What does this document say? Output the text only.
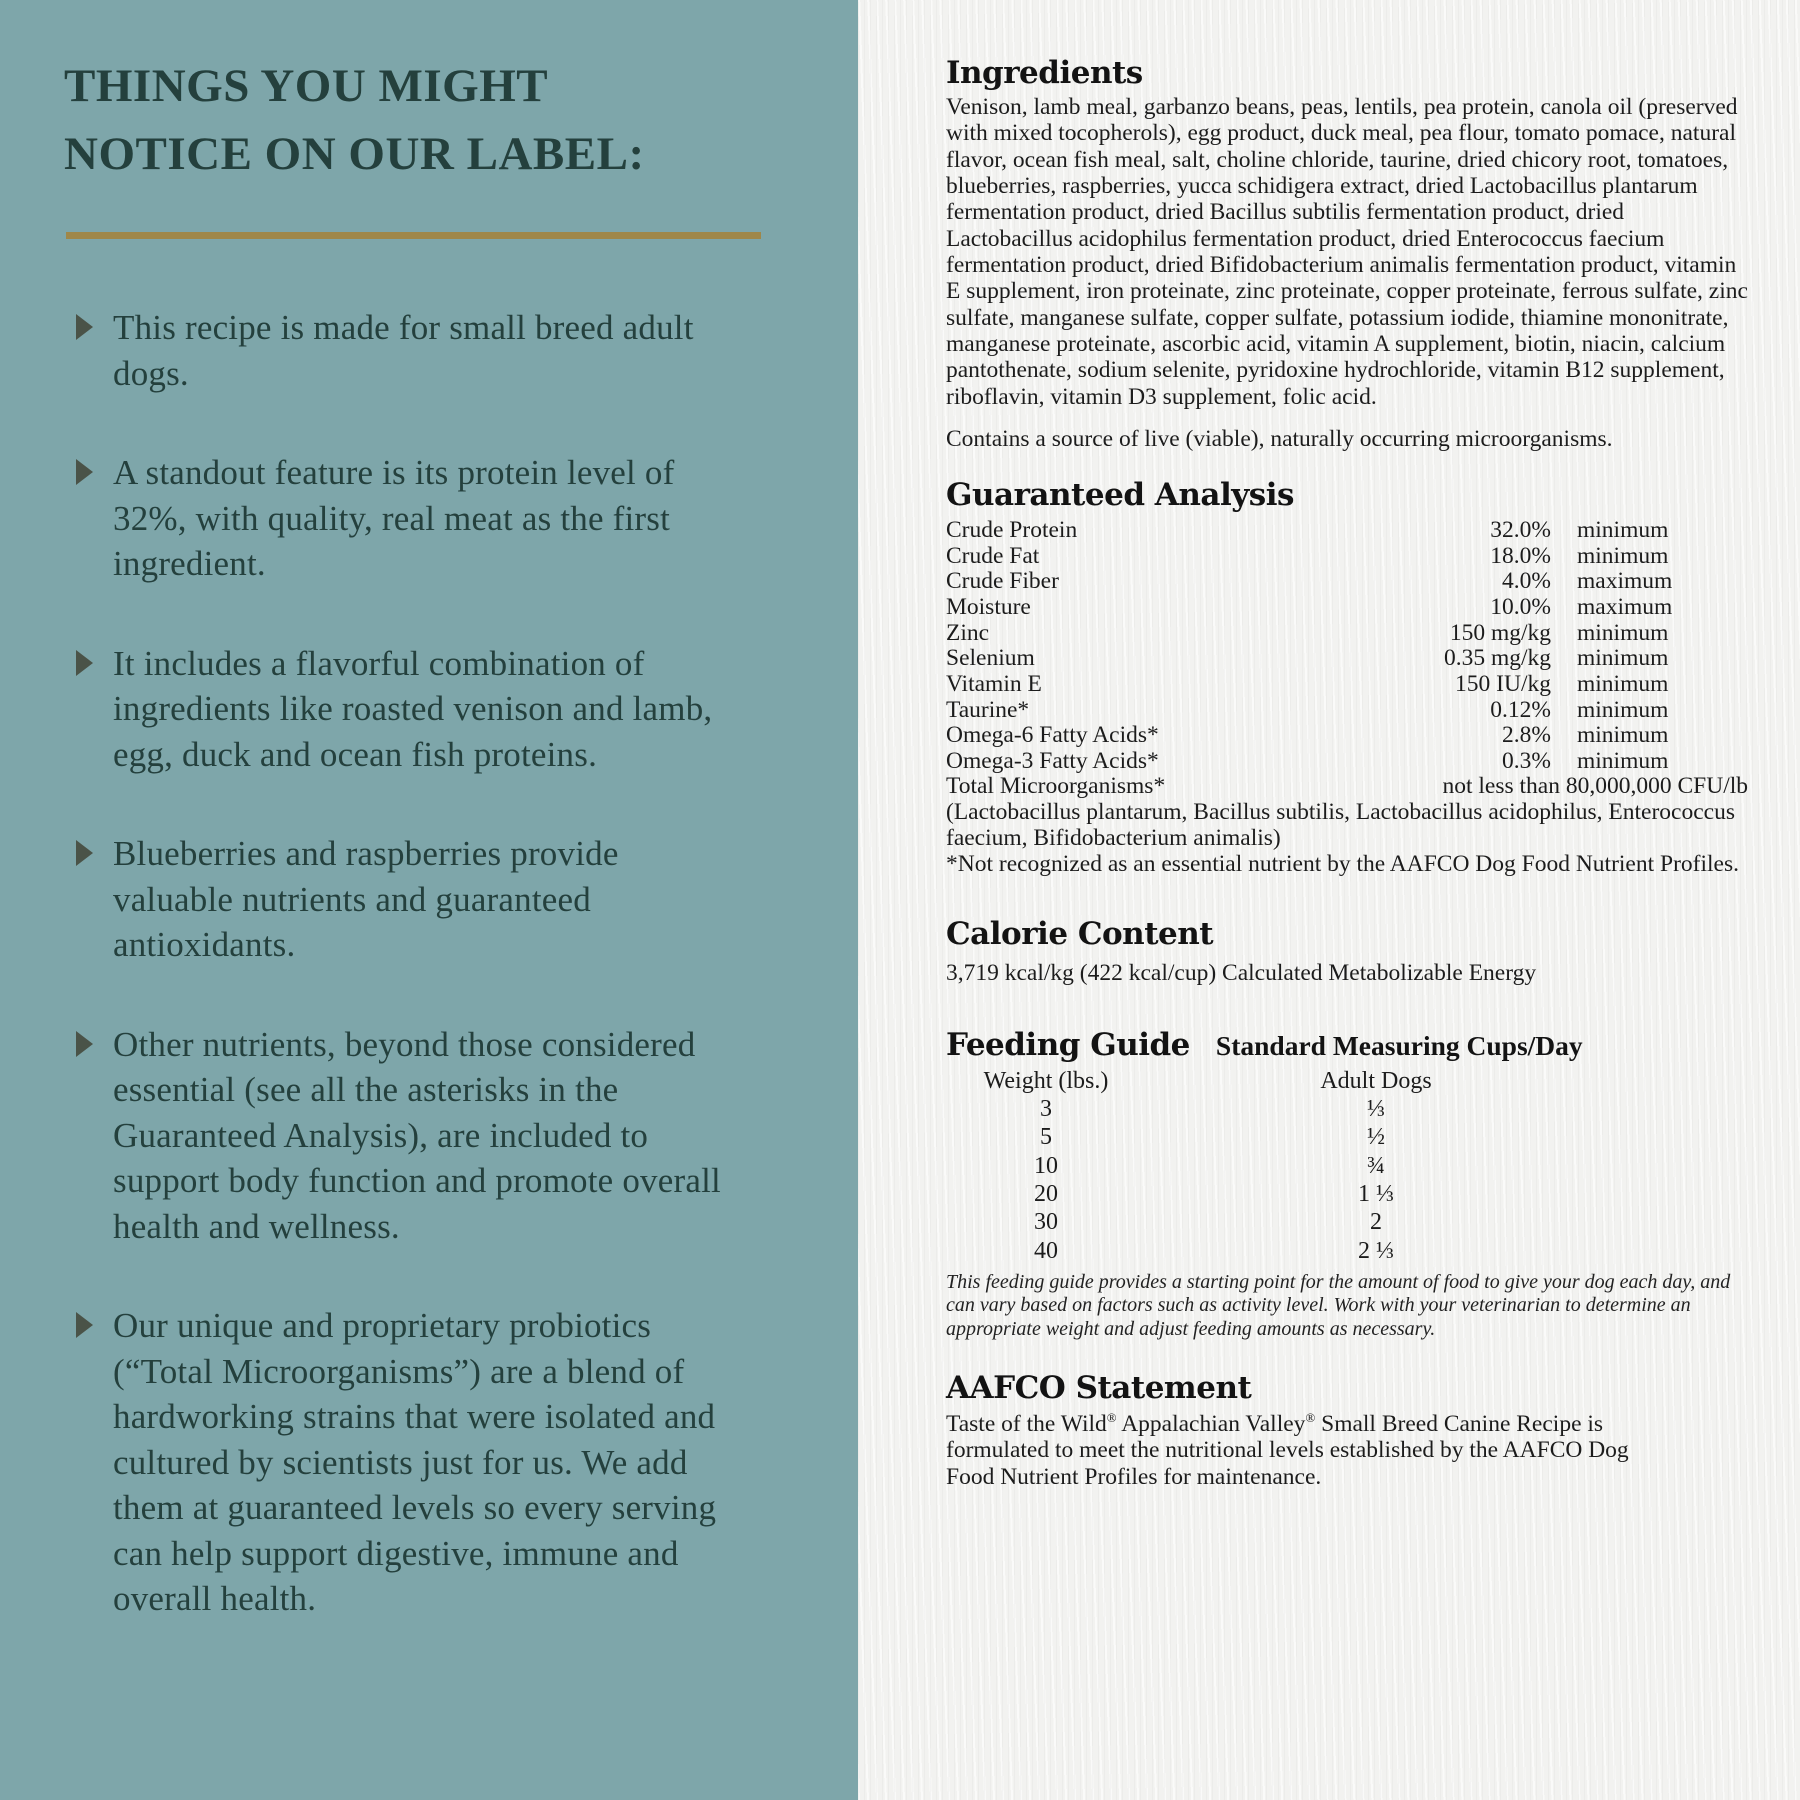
THINGS YOU MIGHT
NOTICE ON OUR LABEL:
This recipe is made for small breed adult dogs.
A standout feature is its protein level of 32%, with quality, real meat as the first ingredient.
It includes a flavorful combination of ingredients like roasted venison and lamb, egg, duck and ocean fish proteins.
Blueberries and raspberries provide valuable nutrients and guaranteed antioxidants.
Other nutrients, beyond those considered essential (see all the asterisks in the Guaranteed Analysis), are included to support body function and promote overall health and wellness.
Our unique and proprietary probiotics (“Total Microorganisms”) are a blend of hardworking strains that were isolated and cultured by scientists just for us. We add them at guaranteed levels so every serving can help support digestive, immune and overall health.
Ingredients

Venison, lamb meal, garbanzo beans, peas, lentils, pea protein, canola oil (preserved with mixed tocopherols), egg product, duck meal, pea flour, tomato pomace, natural flavor, ocean fish meal, salt, choline chloride, taurine, dried chicory root, tomatoes, blueberries, raspberries, yucca schidigera extract, dried Lactobacillus plantarum fermentation product, dried Bacillus subtilis fermentation product, dried Lactobacillus acidophilus fermentation product, dried Enterococcus faecium fermentation product, dried Bifidobacterium animalis fermentation product, vitamin E supplement, iron proteinate, zinc proteinate, copper proteinate, ferrous sulfate, zinc sulfate, manganese sulfate, copper sulfate, potassium iodide, thiamine mononitrate, manganese proteinate, ascorbic acid, vitamin A supplement, biotin, niacin, calcium pantothenate, sodium selenite, pyridoxine hydrochloride, vitamin B12 supplement, riboflavin, vitamin D3 supplement, folic acid.

Contains a source of live (viable), naturally occurring microorganisms.

Guaranteed Analysis
Crude Protein	32.0%	minimum
Crude Fat	18.0%	minimum
Crude Fiber	4.0%	maximum
Moisture	10.0%	maximum
Zinc	150 mg/kg	minimum
Selenium	0.35 mg/kg	minimum
Vitamin E	150 IU/kg	minimum
Taurine*	0.12%	minimum
Omega-6 Fatty Acids*	2.8%	minimum
Omega-3 Fatty Acids*	0.3%	minimum
Total Microorganisms*	not less than 80,000,000 CFU/lb

(Lactobacillus plantarum, Bacillus subtilis, Lactobacillus acidophilus, Enterococcus faecium, Bifidobacterium animalis)

*Not recognized as an essential nutrient by the AAFCO Dog Food Nutrient Profiles.

Calorie Content

3,719 kcal/kg (422 kcal/cup) Calculated Metabolizable Energy

Feeding Guide Standard Measuring Cups/Day
Weight (lbs.)	Adult Dogs
3	⅓
5	½
10	¾
20	1 ⅓
30	2
40	2 ⅓

This feeding guide provides a starting point for the amount of food to give your dog each day, and can vary based on factors such as activity level. Work with your veterinarian to determine an appropriate weight and adjust feeding amounts as necessary.

AAFCO Statement

Taste of the Wild® Appalachian Valley® Small Breed Canine Recipe is formulated to meet the nutritional levels established by the AAFCO Dog Food Nutrient Profiles for maintenance.
